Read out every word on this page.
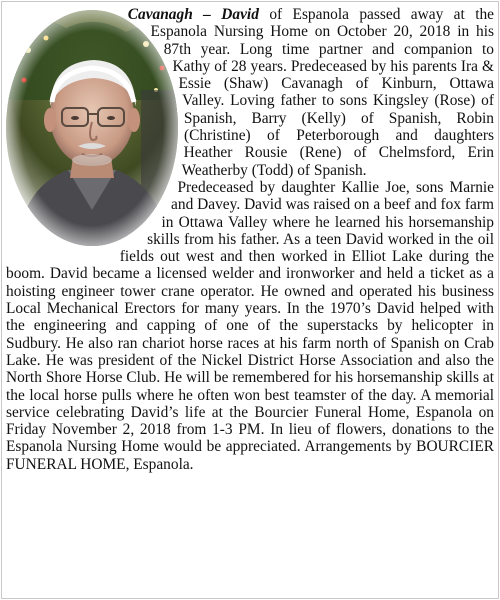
Cavanagh – David of Espanola passed away at the Espanola Nursing Home on October 20, 2018 in his 87th year. Long time partner and companion to Kathy of 28 years. Predeceased by his parents Ira & Essie (Shaw) Cavanagh of Kinburn, Ottawa Valley. Loving father to sons Kingsley (Rose) of Spanish, Barry (Kelly) of Spanish, Robin (Christine) of Peterborough and daughters Heather Rousie (Rene) of Chelmsford, Erin Weatherby (Todd) of Spanish.

Predeceased by daughter Kallie Joe, sons Marnie and Davey. David was raised on a beef and fox farm in Ottawa Valley where he learned his horsemanship skills from his father. As a teen David worked in the oil fields out west and then worked in Elliot Lake during the boom. David became a licensed welder and ironworker and held a ticket as a hoisting engineer tower crane operator. He owned and operated his business Local Mechanical Erectors for many years. In the 1970’s David helped with the engineering and capping of one of the superstacks by helicopter in Sudbury. He also ran chariot horse races at his farm north of Spanish on Crab Lake. He was president of the Nickel District Horse Association and also the North Shore Horse Club. He will be remembered for his horsemanship skills at the local horse pulls where he often won best teamster of the day. A memorial service celebrating David’s life at the Bourcier Funeral Home, Espanola on Friday November 2, 2018 from 1-3 PM. In lieu of flowers, donations to the Espanola Nursing Home would be appreciated. Arrangements by BOURCIER FUNERAL HOME, Espanola.
